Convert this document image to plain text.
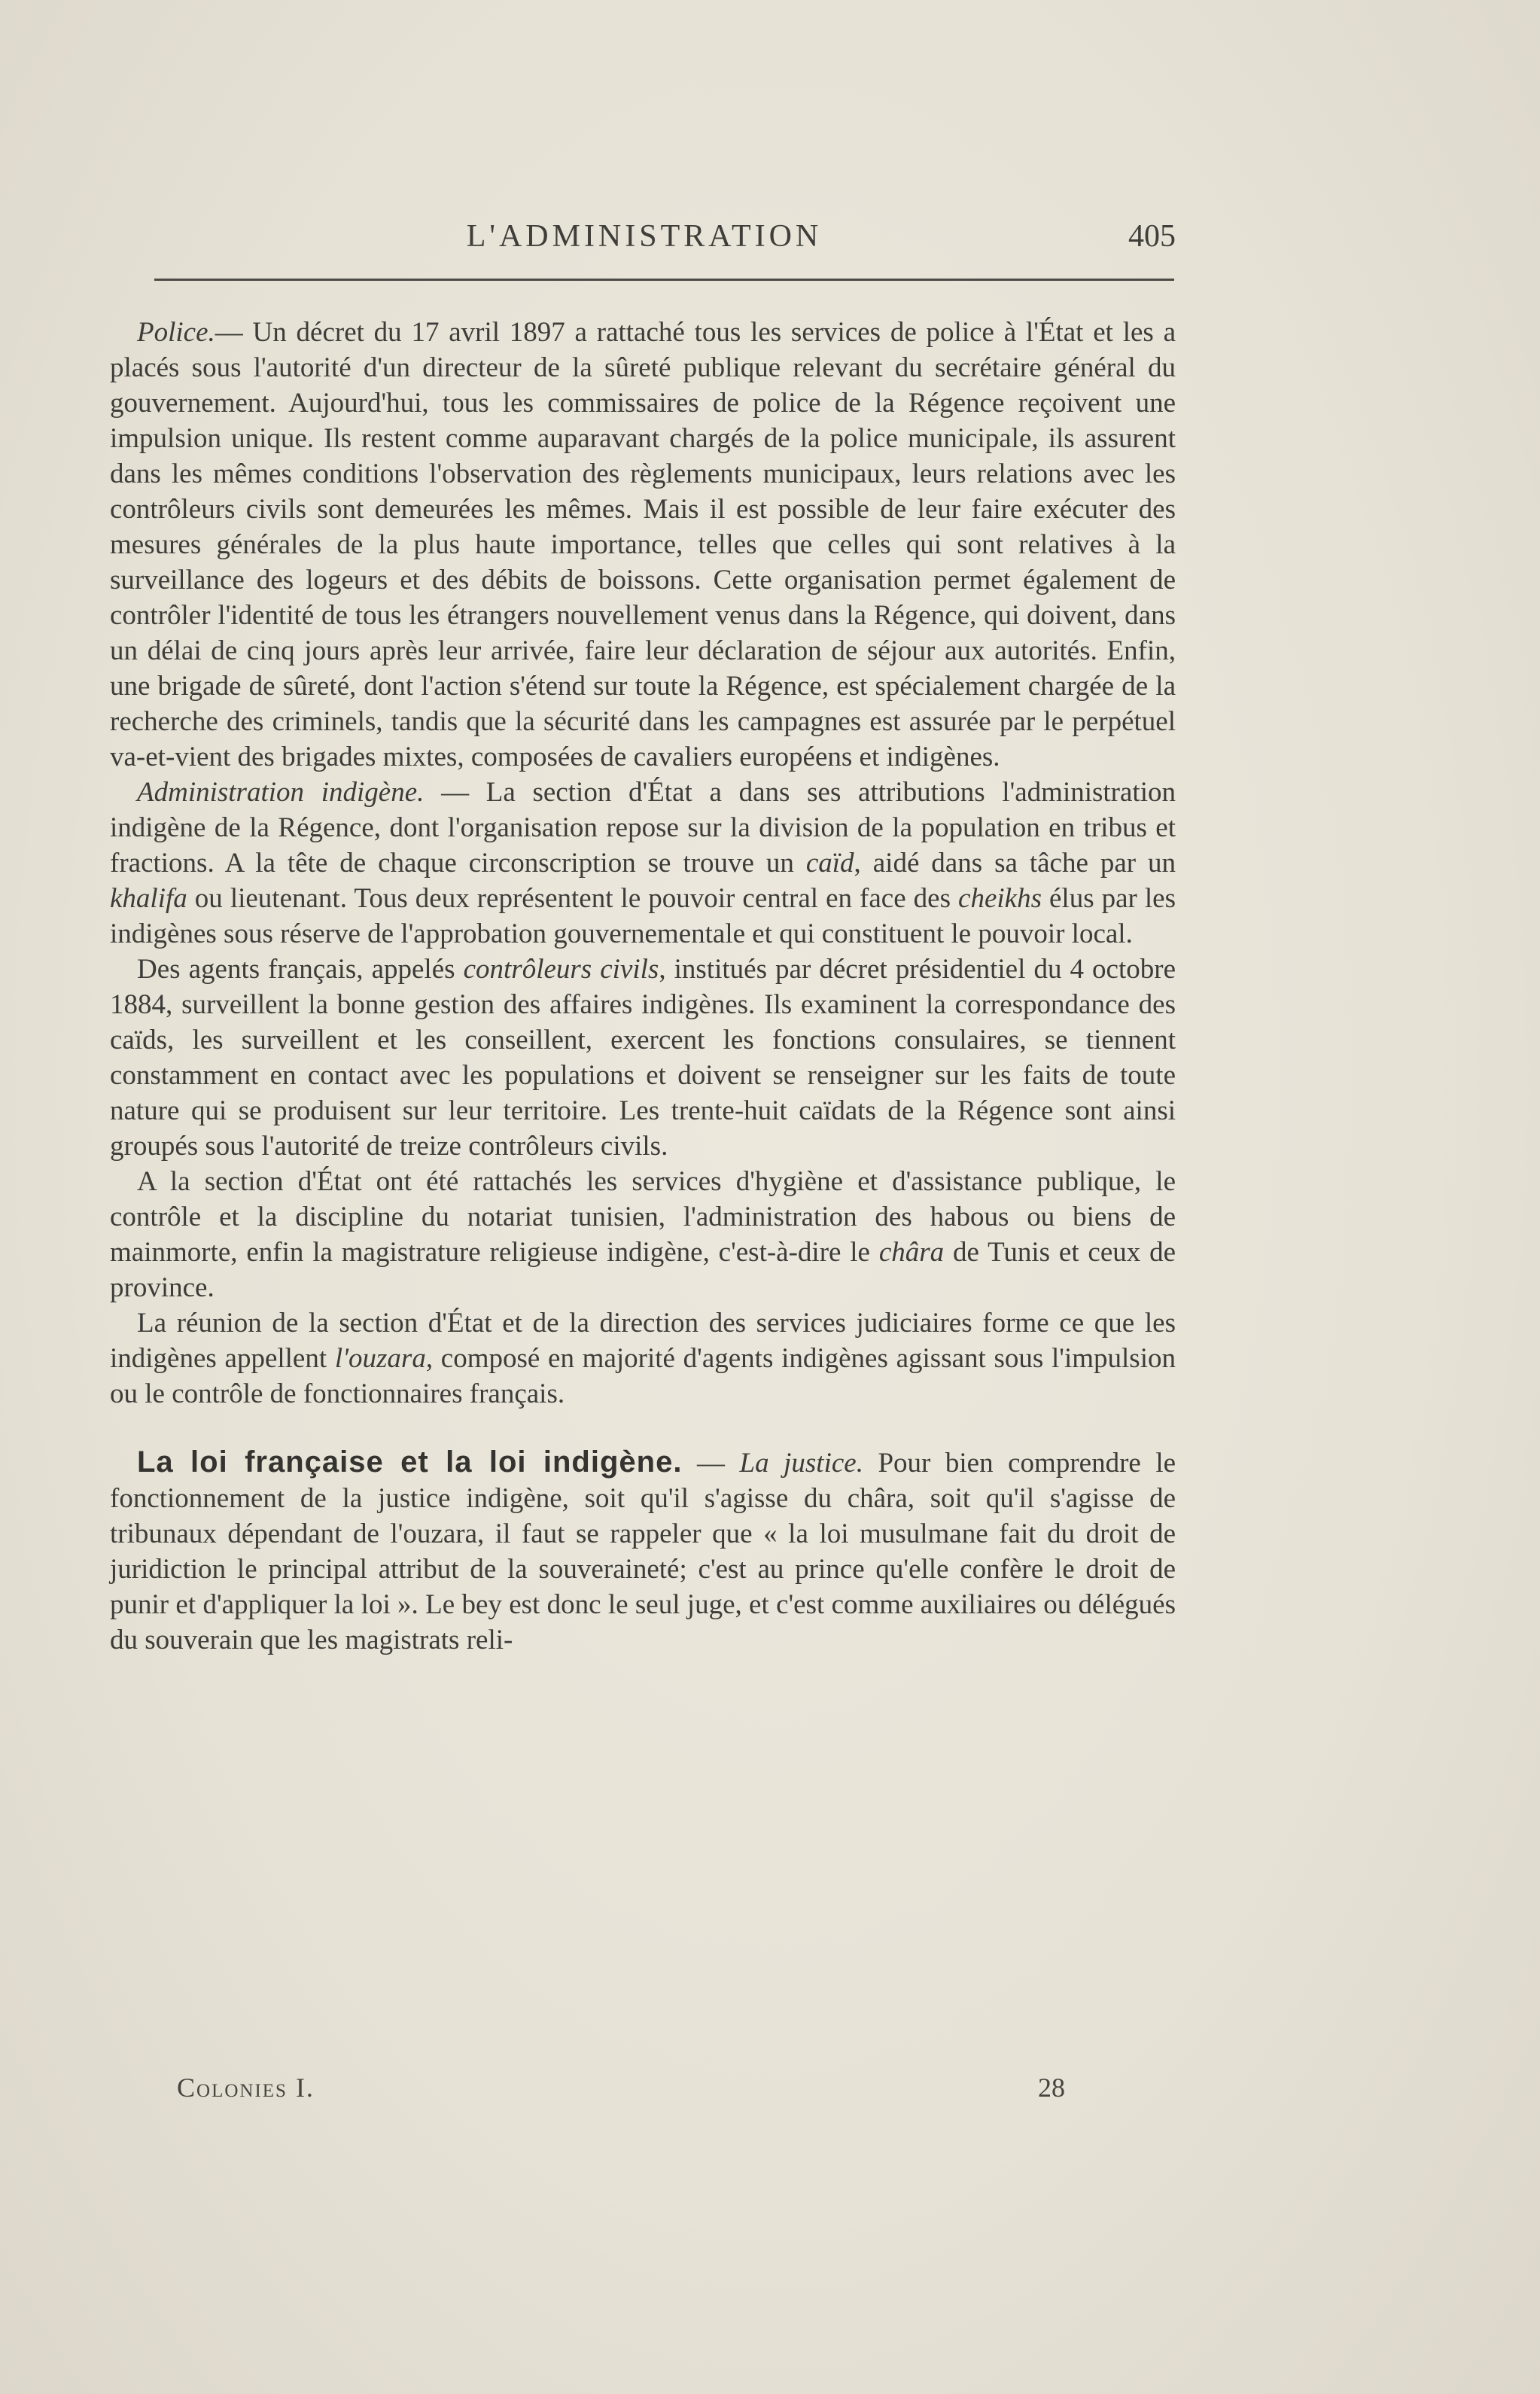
L'ADMINISTRATION	405

Police.— Un décret du 17 avril 1897 a rattaché tous les services de police à l'État et les a placés sous l'autorité d'un directeur de la sûreté publique relevant du secrétaire général du gouvernement. Aujourd'hui, tous les commissaires de police de la Régence reçoivent une impulsion unique. Ils restent comme auparavant chargés de la police municipale, ils assurent dans les mêmes conditions l'observation des règlements municipaux, leurs relations avec les contrôleurs civils sont demeurées les mêmes. Mais il est possible de leur faire exécuter des mesures générales de la plus haute importance, telles que celles qui sont relatives à la surveillance des logeurs et des débits de boissons. Cette organisation permet également de contrôler l'identité de tous les étrangers nouvellement venus dans la Régence, qui doivent, dans un délai de cinq jours après leur arrivée, faire leur déclaration de séjour aux autorités. Enfin, une brigade de sûreté, dont l'action s'étend sur toute la Régence, est spécialement chargée de la recherche des criminels, tandis que la sécurité dans les campagnes est assurée par le perpétuel va-et-vient des brigades mixtes, composées de cavaliers européens et indigènes.

Administration indigène. — La section d'État a dans ses attributions l'administration indigène de la Régence, dont l'organisation repose sur la division de la population en tribus et fractions. A la tête de chaque circonscription se trouve un caïd, aidé dans sa tâche par un khalifa ou lieutenant. Tous deux représentent le pouvoir central en face des cheikhs élus par les indigènes sous réserve de l'approbation gouvernementale et qui constituent le pouvoir local.

Des agents français, appelés contrôleurs civils, institués par décret présidentiel du 4 octobre 1884, surveillent la bonne gestion des affaires indigènes. Ils examinent la correspondance des caïds, les surveillent et les conseillent, exercent les fonctions consulaires, se tiennent constamment en contact avec les populations et doivent se renseigner sur les faits de toute nature qui se produisent sur leur territoire. Les trente-huit caïdats de la Régence sont ainsi groupés sous l'autorité de treize contrôleurs civils.

A la section d'État ont été rattachés les services d'hygiène et d'assistance publique, le contrôle et la discipline du notariat tunisien, l'administration des habous ou biens de mainmorte, enfin la magistrature religieuse indigène, c'est-à-dire le châra de Tunis et ceux de province.

La réunion de la section d'État et de la direction des services judiciaires forme ce que les indigènes appellent l'ouzara, composé en majorité d'agents indigènes agissant sous l'impulsion ou le contrôle de fonctionnaires français.

La loi française et la loi indigène. — La justice. Pour bien comprendre le fonctionnement de la justice indigène, soit qu'il s'agisse du châra, soit qu'il s'agisse de tribunaux dépendant de l'ouzara, il faut se rappeler que « la loi musulmane fait du droit de juridiction le principal attribut de la souveraineté; c'est au prince qu'elle confère le droit de punir et d'appliquer la loi ». Le bey est donc le seul juge, et c'est comme auxiliaires ou délégués du souverain que les magistrats reli-

Colonies I.	28
